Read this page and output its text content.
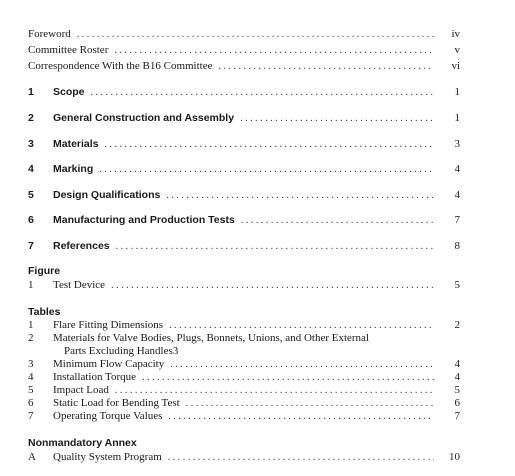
Foreword . . .	iv
Committee Roster . . .	v
Correspondence With the B16 Committee . . .	vi
1	Scope . . .	1
2	General Construction and Assembly . . .	1
3	Materials . . .	3
4	Marking . . .	4
5	Design Qualifications . . .	4
6	Manufacturing and Production Tests . . .	7
7	References . . .	8
Figure
1	Test Device . . .	5
Tables
1	Flare Fitting Dimensions . . .	2
2	Materials for Valve Bodies, Plugs, Bonnets, Unions, and Other External
Parts Excluding Handles 3
3	Minimum Flow Capacity . . .	4
4	Installation Torque . . .	4
5	Impact Load . . .	5
6	Static Load for Bending Test . . .	6
7	Operating Torque Values . . .	7
Nonmandatory Annex
A	Quality System Program . . .	10
